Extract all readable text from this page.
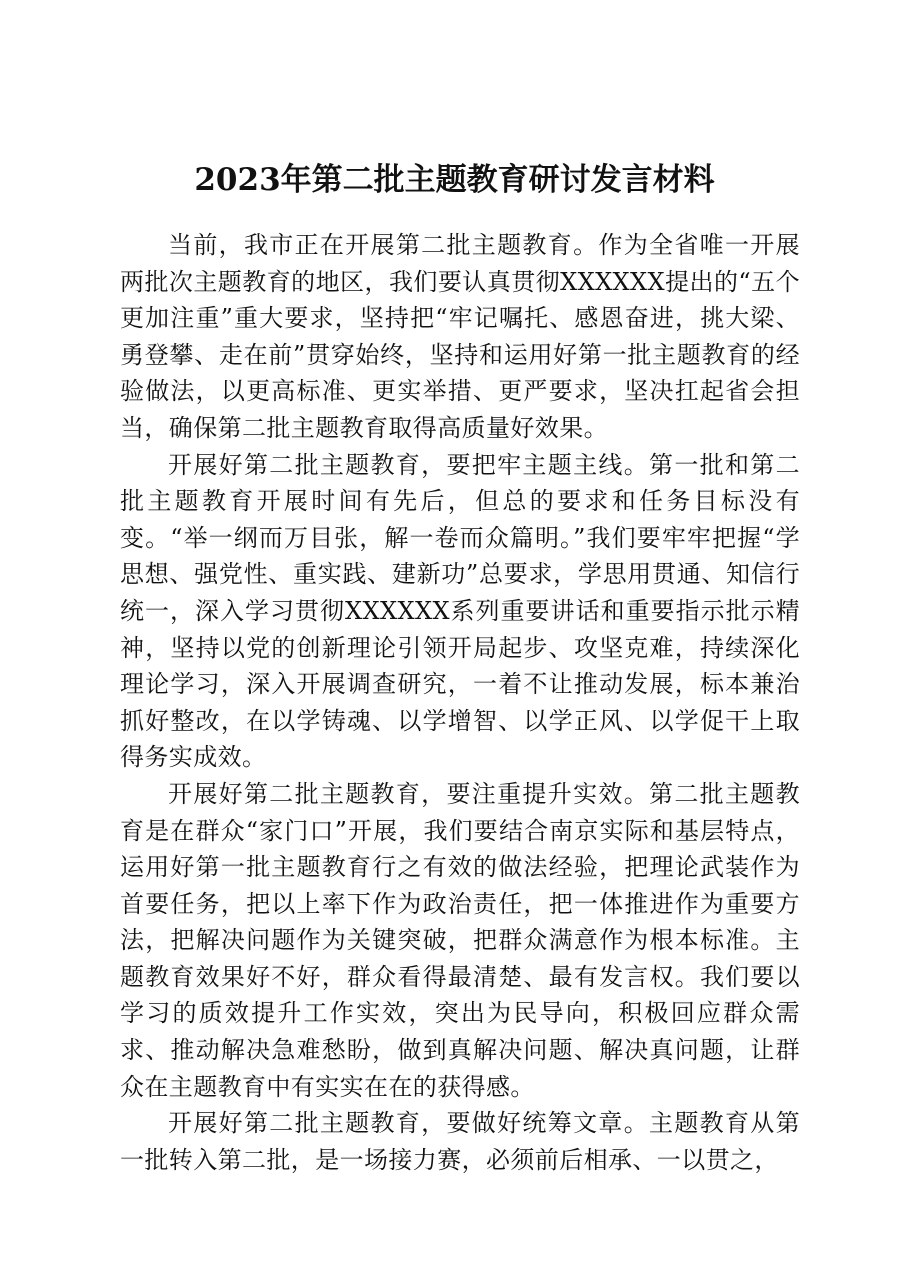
2023年第二批主题教育研讨发言材料

当前，我市正在开展第二批主题教育。作为全省唯一开展两批次主题教育的地区，我们要认真贯彻XXXXXX提出的“五个更加注重”重大要求，坚持把“牢记嘱托、感恩奋进，挑大梁、勇登攀、走在前”贯穿始终，坚持和运用好第一批主题教育的经验做法，以更高标准、更实举措、更严要求，坚决扛起省会担当，确保第二批主题教育取得高质量好效果。

开展好第二批主题教育，要把牢主题主线。第一批和第二批主题教育开展时间有先后，但总的要求和任务目标没有变。“举一纲而万目张，解一卷而众篇明。”我们要牢牢把握“学思想、强党性、重实践、建新功”总要求，学思用贯通、知信行统一，深入学习贯彻XXXXXX系列重要讲话和重要指示批示精神，坚持以党的创新理论引领开局起步、攻坚克难，持续深化理论学习，深入开展调查研究，一着不让推动发展，标本兼治抓好整改，在以学铸魂、以学增智、以学正风、以学促干上取得务实成效。

开展好第二批主题教育，要注重提升实效。第二批主题教育是在群众“家门口”开展，我们要结合南京实际和基层特点，运用好第一批主题教育行之有效的做法经验，把理论武装作为首要任务，把以上率下作为政治责任，把一体推进作为重要方法，把解决问题作为关键突破，把群众满意作为根本标准。主题教育效果好不好，群众看得最清楚、最有发言权。我们要以学习的质效提升工作实效，突出为民导向，积极回应群众需求、推动解决急难愁盼，做到真解决问题、解决真问题，让群众在主题教育中有实实在在的获得感。

开展好第二批主题教育，要做好统筹文章。主题教育从第一批转入第二批，是一场接力赛，必须前后相承、一以贯之，
